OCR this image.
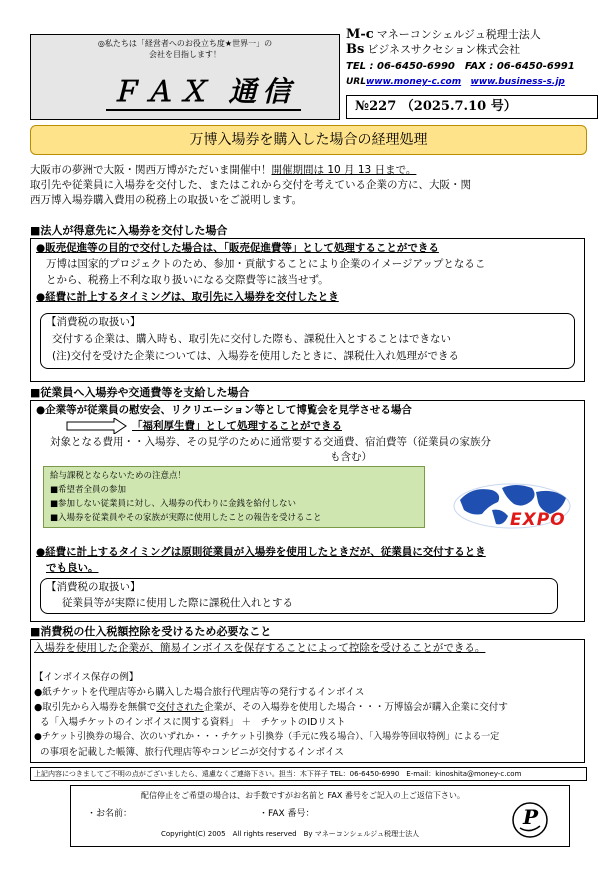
◎私たちは「経営者へのお役立ち度★世界一」の
会社を目指します！
ＦＡＸ 通信
M-c マネーコンシェルジュ税理士法人
Bs ビジネスサクセション株式会社
TEL : 06-6450-6990　FAX : 06-6450-6991
URLwww.money-c.com www.business-s.jp
№227 （2025.7.10 号）
万博入場券を購入した場合の経理処理
大阪市の夢洲で大阪・関西万博がただいま開催中！開催期間は 10 月 13 日まで。
取引先や従業員に入場券を交付した、またはこれから交付を考えている企業の方に、大阪・関
西万博入場券購入費用の税務上の取扱いをご説明します。
■法人が得意先に入場券を交付した場合
●販売促進等の目的で交付した場合は、「販売促進費等」として処理することができる
万博は国家的プロジェクトのため、参加・貢献することにより企業のイメージアップとなるこ
とから、税務上不利な取り扱いになる交際費等に該当せず。
●経費に計上するタイミングは、取引先に入場券を交付したとき
【消費税の取扱い】
交付する企業は、購入時も、取引先に交付した際も、課税仕入とすることはできない
(注)交付を受けた企業については、入場券を使用したときに、課税仕入れ処理ができる
■従業員へ入場券や交通費等を支給した場合
●企業等が従業員の慰安会、リクリエーション等として博覧会を見学させる場合
「福利厚生費」として処理することができる
対象となる費用・・入場券、その見学のために通常要する交通費、宿泊費等（従業員の家族分
も含む）
給与課税とならないための注意点！
■希望者全員の参加
■参加しない従業員に対し、入場券の代わりに金銭を給付しない
■入場券を従業員やその家族が実際に使用したことの報告を受けること	EXPO
●経費に計上するタイミングは原則従業員が入場券を使用したときだが、従業員に交付するとき
でも良い。
【消費税の取扱い】
従業員等が実際に使用した際に課税仕入れとする
■消費税の仕入税額控除を受けるため必要なこと
入場券を使用した企業が、簡易インボイスを保存することによって控除を受けることができる。
【インボイス保存の例】
●紙チケットを代理店等から購入した場合旅行代理店等の発行するインボイス
●取引先から入場券を無償で交付された企業が、その入場券を使用した場合・・・万博協会が購入企業に交付す
る「入場チケットのインボイスに関する資料」 ＋　チケットのIDリスト
●チケット引換券の場合、次のいずれか・・・チケット引換券（手元に残る場合）、「入場券等回収特例」による一定
の事項を記載した帳簿、旅行代理店等やコンビニが交付するインボイス
上記内容につきましてご不明の点がございましたら、遠慮なくご連絡下さい。担当：木下祥子 TEL：06-6450-6990　E-mail：kinoshita@money-c.com
配信停止をご希望の場合は、お手数ですがお名前と FAX 番号をご記入の上ご返信下さい。
・お名前：	・FAX 番号：
Copyright(C) 2005　All rights reserved　By マネーコンシェルジュ税理士法人
P
